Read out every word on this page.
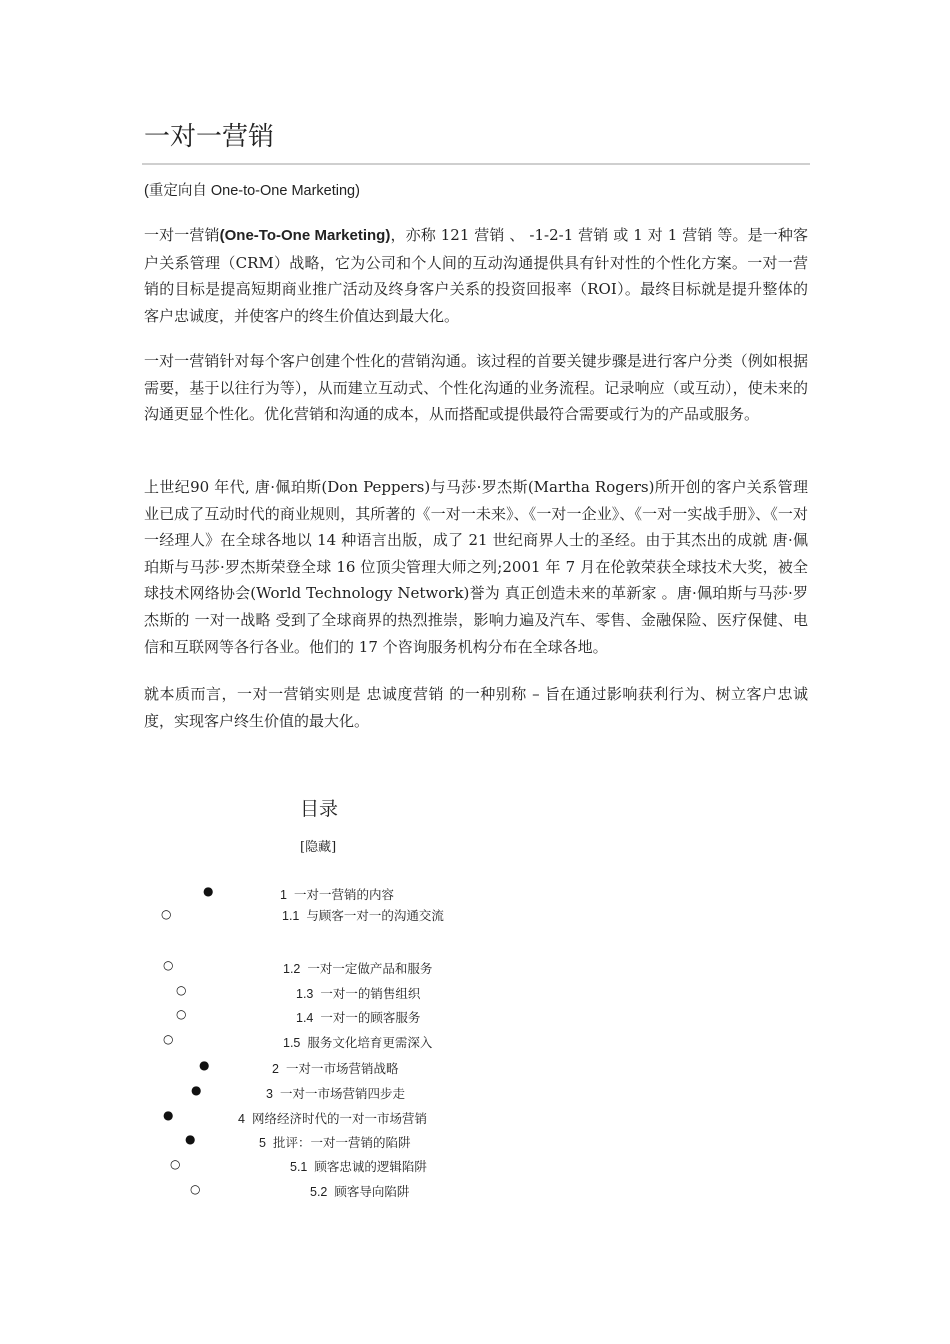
一对一营销
(重定向自 One-to-One Marketing)

一对一营销(One-To-One Marketing)，亦称 121 营销 、 -1-2-1 营销 或 1 对 1 营销 等。是一种客户关系管理（CRM）战略，它为公司和个人间的互动沟通提供具有针对性的个性化方案。一对一营销的目标是提高短期商业推广活动及终身客户关系的投资回报率（ROI）。最终目标就是提升整体的客户忠诚度，并使客户的终生价值达到最大化。

一对一营销针对每个客户创建个性化的营销沟通。该过程的首要关键步骤是进行客户分类（例如根据需要，基于以往行为等），从而建立互动式、个性化沟通的业务流程。记录响应（或互动），使未来的沟通更显个性化。优化营销和沟通的成本，从而搭配或提供最符合需要或行为的产品或服务。

上世纪90 年代, 唐·佩珀斯(Don Peppers)与马莎·罗杰斯(Martha Rogers)所开创的客户关系管理业已成了互动时代的商业规则，其所著的《一对一未来》、《一对一企业》、《一对一实战手册》、《一对一经理人》在全球各地以 14 种语言出版，成了 21 世纪商界人士的圣经。由于其杰出的成就 唐·佩珀斯与马莎·罗杰斯荣登全球 16 位顶尖管理大师之列;2001 年 7 月在伦敦荣获全球技术大奖，被全球技术网络协会(World Technology Network)誉为 真正创造未来的革新家 。唐·佩珀斯与马莎·罗杰斯的 一对一战略 受到了全球商界的热烈推崇，影响力遍及汽车、零售、金融保险、医疗保健、电信和互联网等各行各业。他们的 17 个咨询服务机构分布在全球各地。

就本质而言，一对一营销实则是 忠诚度营销 的一种别称 – 旨在通过影响获利行为、树立客户忠诚度，实现客户终生价值的最大化。

目录
[隐藏]
●	1 一对一营销的内容
○	1.1 与顾客一对一的沟通交流
○	1.2 一对一定做产品和服务
○	1.3 一对一的销售组织
○	1.4 一对一的顾客服务
○	1.5 服务文化培育更需深入
●	2 一对一市场营销战略
●	3 一对一市场营销四步走
●	4 网络经济时代的一对一市场营销
●	5 批评：一对一营销的陷阱
○	5.1 顾客忠诚的逻辑陷阱
○	5.2 顾客导向陷阱
